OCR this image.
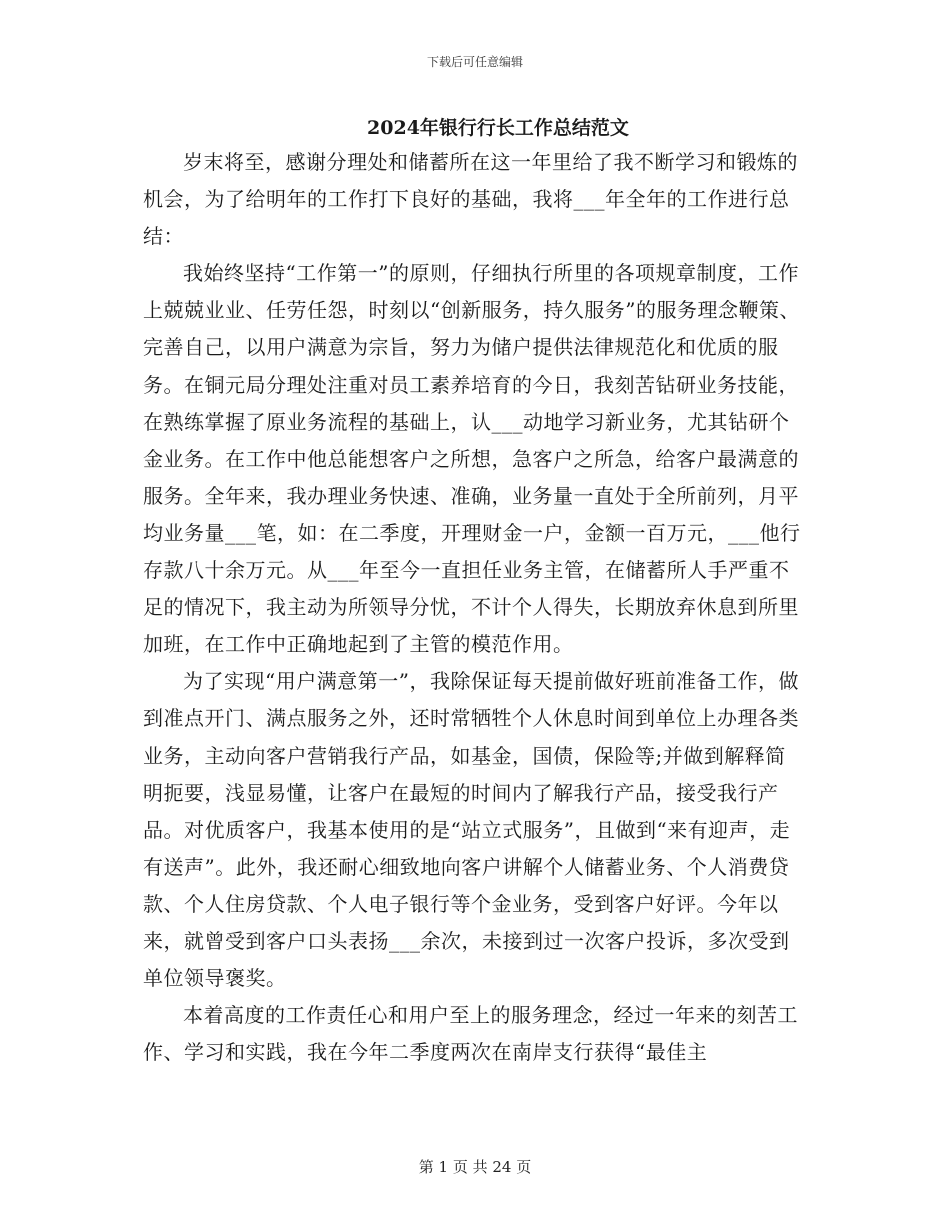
下载后可任意编辑
2024年银行行长工作总结范文

岁末将至，感谢分理处和储蓄所在这一年里给了我不断学习和锻炼的机会，为了给明年的工作打下良好的基础，我将___年全年的工作进行总结：

我始终坚持“工作第一”的原则，仔细执行所里的各项规章制度，工作上兢兢业业、任劳任怨，时刻以“创新服务，持久服务”的服务理念鞭策、完善自己，以用户满意为宗旨，努力为储户提供法律规范化和优质的服务。在铜元局分理处注重对员工素养培育的今日，我刻苦钻研业务技能，在熟练掌握了原业务流程的基础上，认___动地学习新业务，尤其钻研个金业务。在工作中他总能想客户之所想，急客户之所急，给客户最满意的服务。全年来，我办理业务快速、准确，业务量一直处于全所前列，月平均业务量___笔，如：在二季度，开理财金一户，金额一百万元，___他行存款八十余万元。从___年至今一直担任业务主管，在储蓄所人手严重不足的情况下，我主动为所领导分忧，不计个人得失，长期放弃休息到所里加班，在工作中正确地起到了主管的模范作用。

为了实现“用户满意第一”，我除保证每天提前做好班前准备工作，做到准点开门、满点服务之外，还时常牺牲个人休息时间到单位上办理各类业务，主动向客户营销我行产品，如基金，国债，保险等;并做到解释简明扼要，浅显易懂，让客户在最短的时间内了解我行产品，接受我行产品。对优质客户，我基本使用的是“站立式服务”，且做到“来有迎声，走有送声”。此外，我还耐心细致地向客户讲解个人储蓄业务、个人消费贷款、个人住房贷款、个人电子银行等个金业务，受到客户好评。今年以来，就曾受到客户口头表扬___余次，未接到过一次客户投诉，多次受到单位领导褒奖。

本着高度的工作责任心和用户至上的服务理念，经过一年来的刻苦工作、学习和实践，我在今年二季度两次在南岸支行获得“最佳主

第 1 页 共 24 页
